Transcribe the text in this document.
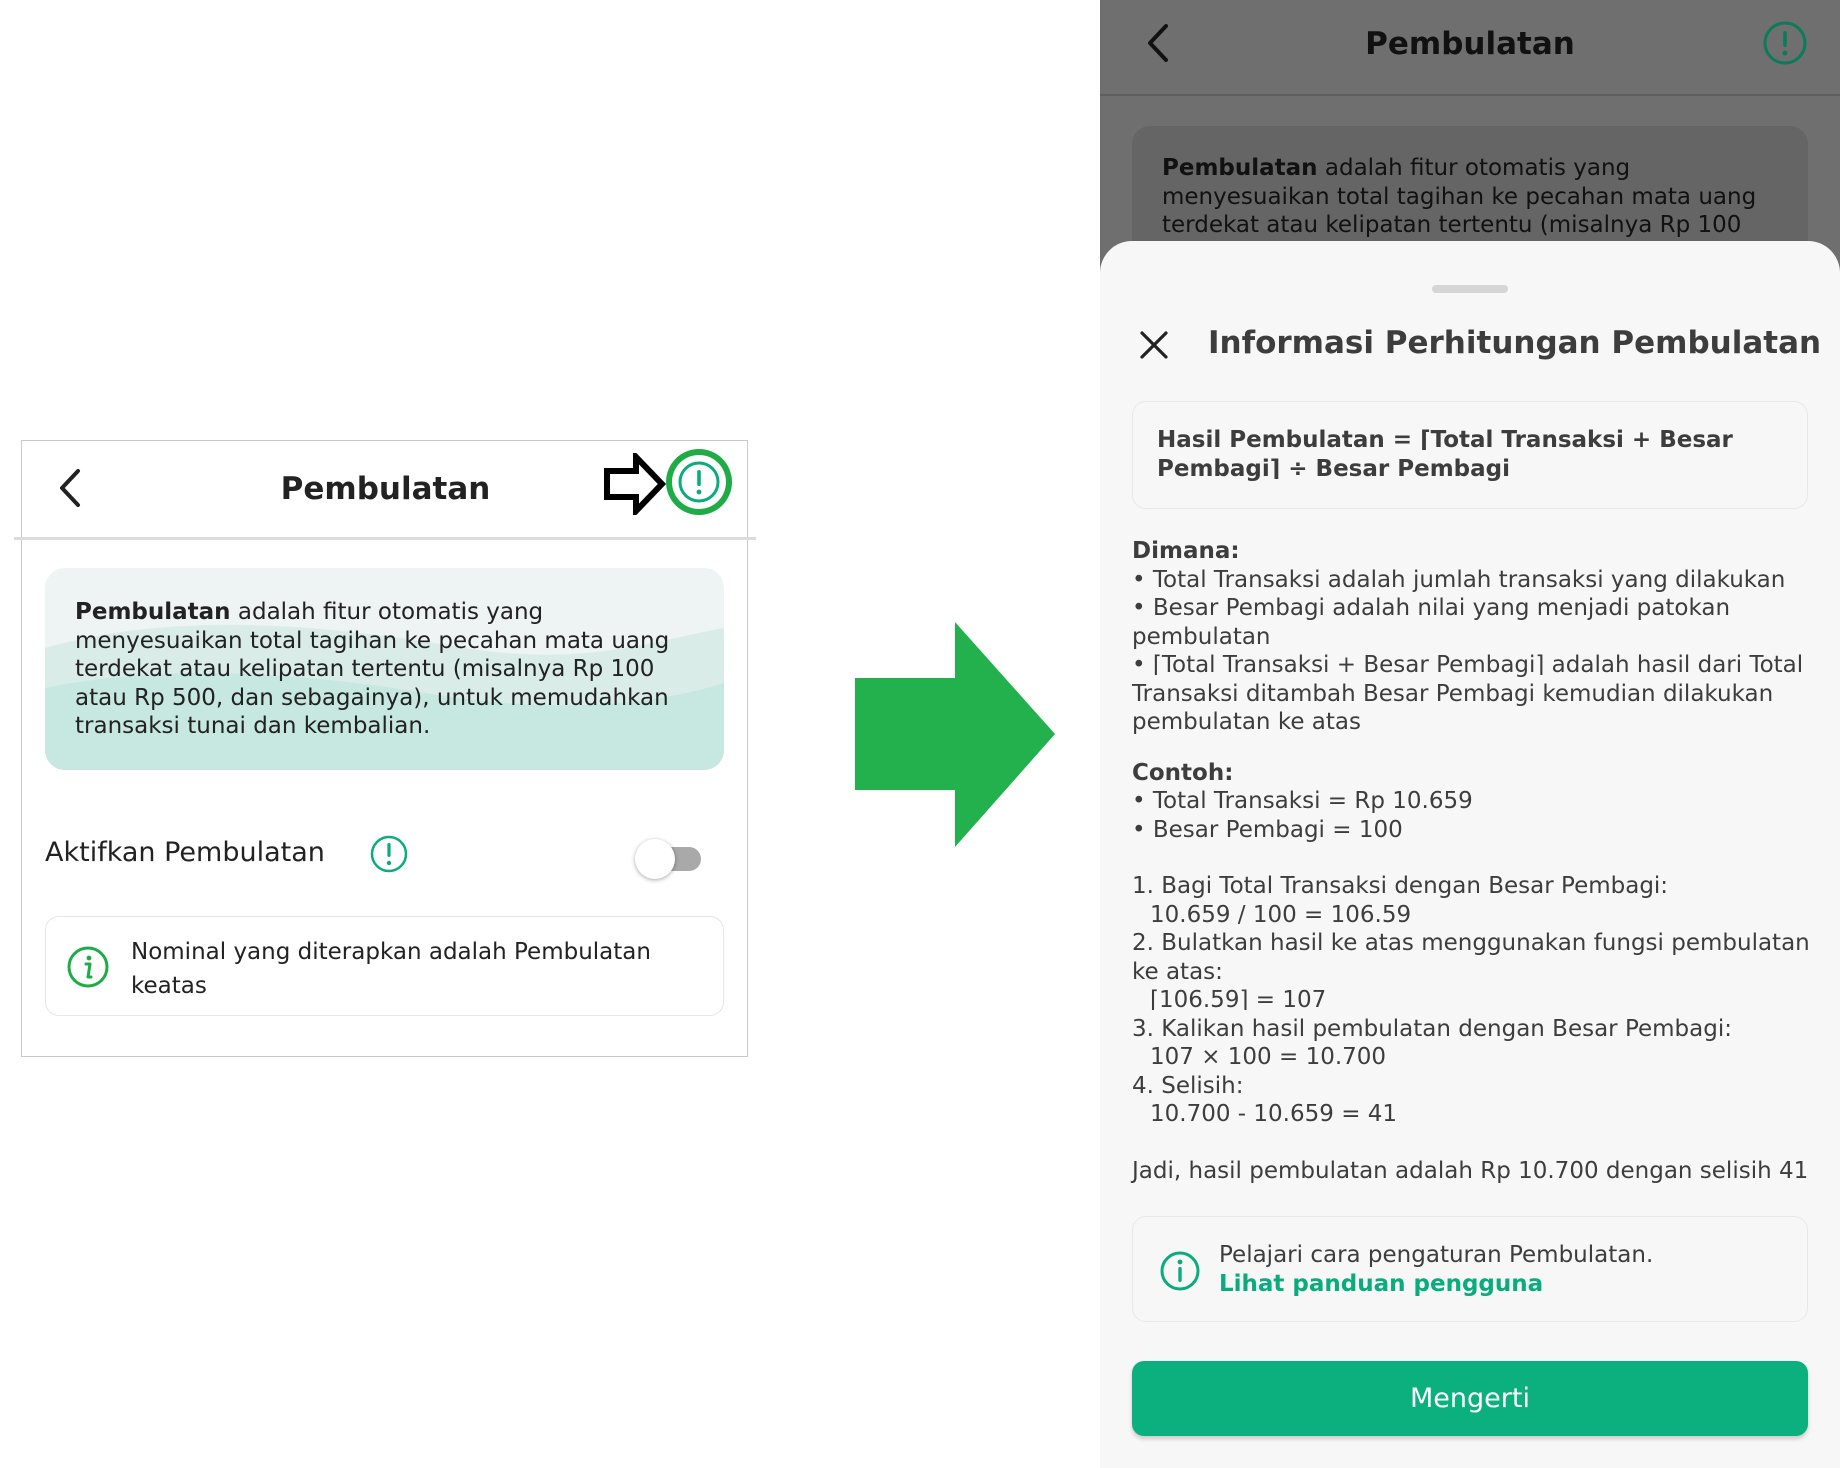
Pembulatan
Pembulatan adalah fitur otomatis yang menyesuaikan total tagihan ke pecahan mata uang terdekat atau kelipatan tertentu (misalnya Rp 100 atau Rp 500, dan sebagainya), untuk memudahkan transaksi tunai dan kembalian.
Aktifkan Pembulatan
Nominal yang diterapkan adalah Pembulatan keatas
Pembulatan
Pembulatan adalah fitur otomatis yang menyesuaikan total tagihan ke pecahan mata uang terdekat atau kelipatan tertentu (misalnya Rp 100
Informasi Perhitungan Pembulatan
Hasil Pembulatan = ⌈Total Transaksi + Besar Pembagi⌉ ÷ Besar Pembagi
Dimana:
• Total Transaksi adalah jumlah transaksi yang dilakukan
• Besar Pembagi adalah nilai yang menjadi patokan pembulatan
• ⌈Total Transaksi + Besar Pembagi⌉ adalah hasil dari Total Transaksi ditambah Besar Pembagi kemudian dilakukan pembulatan ke atas
Contoh:
• Total Transaksi = Rp 10.659
• Besar Pembagi = 100
1. Bagi Total Transaksi dengan Besar Pembagi:
10.659 / 100 = 106.59
2. Bulatkan hasil ke atas menggunakan fungsi pembulatan ke atas:
⌈106.59⌉ = 107
3. Kalikan hasil pembulatan dengan Besar Pembagi:
107 × 100 = 10.700
4. Selisih:
10.700 - 10.659 = 41
Jadi, hasil pembulatan adalah Rp 10.700 dengan selisih 41
Pelajari cara pengaturan Pembulatan.
Lihat panduan pengguna
Mengerti
